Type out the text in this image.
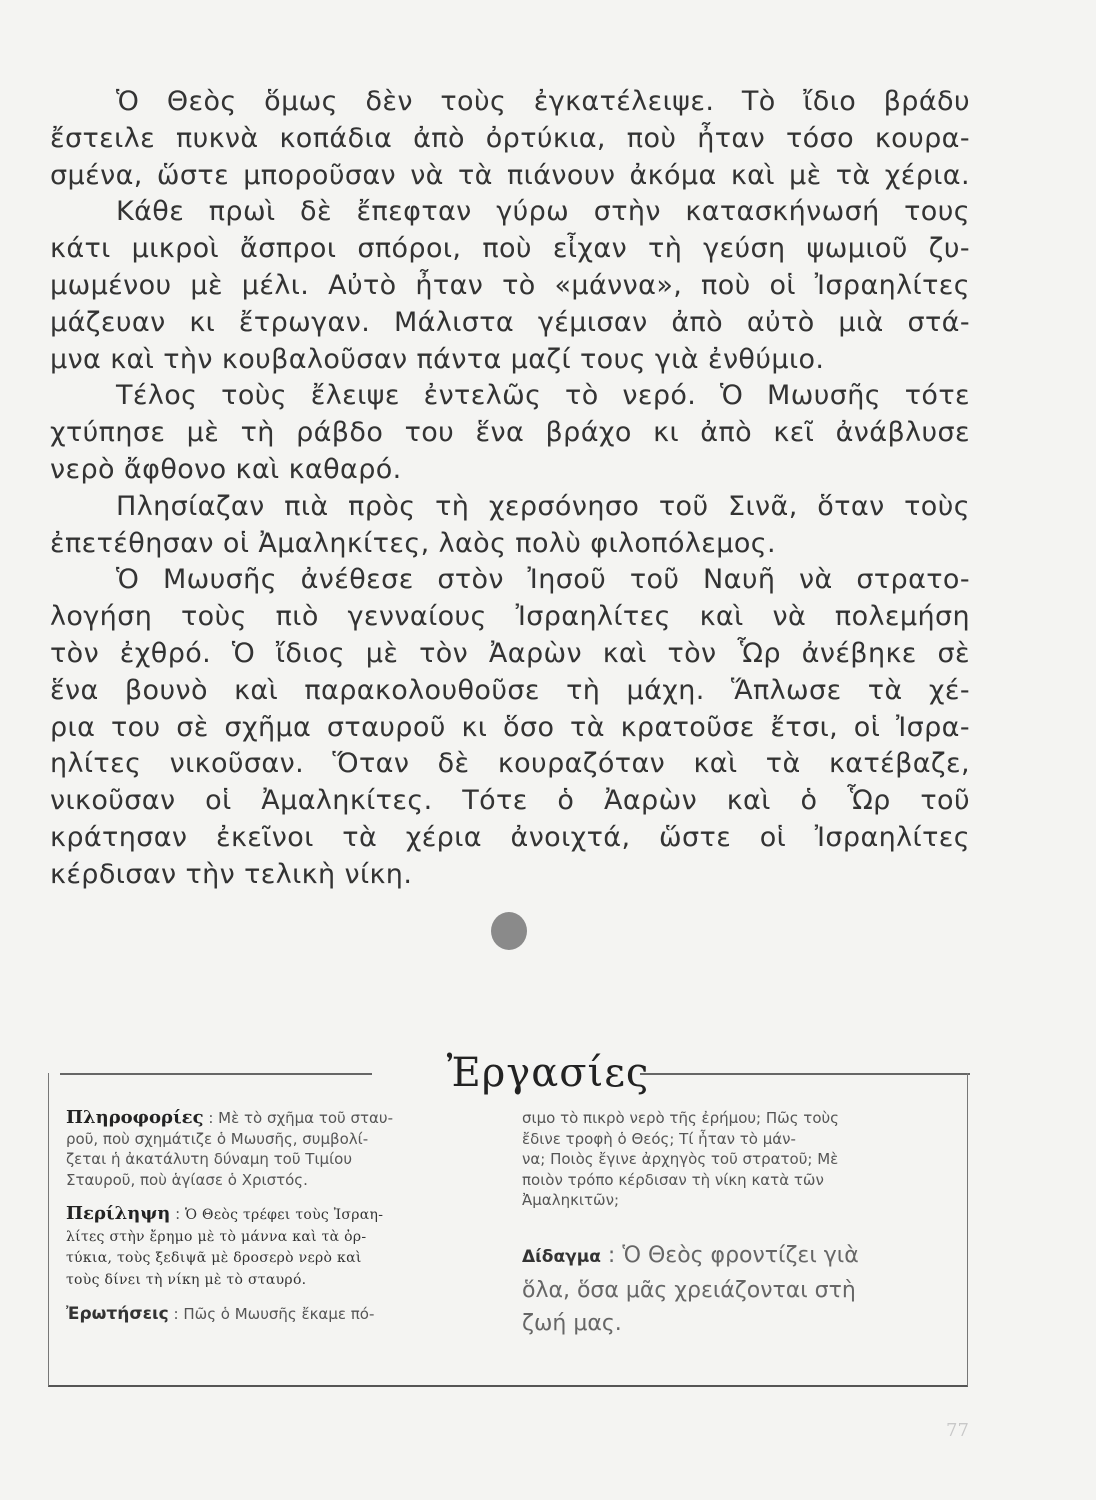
Ὁ Θεὸς ὅμως δὲν τοὺς ἐγκατέλειψε. Τὸ ἴδιο βράδυ
ἔστειλε πυκνὰ κοπάδια ἀπὸ ὀρτύκια, ποὺ ἦταν τόσο κουρα-
σμένα, ὥστε μποροῦσαν νὰ τὰ πιάνουν ἀκόμα καὶ μὲ τὰ χέρια.
Κάθε πρωὶ δὲ ἔπεφταν γύρω στὴν κατασκήνωσή τους
κάτι μικροὶ ἄσπροι σπόροι, ποὺ εἶχαν τὴ γεύση ψωμιοῦ ζυ-
μωμένου μὲ μέλι. Αὐτὸ ἦταν τὸ «μάννα», ποὺ οἱ Ἰσραηλίτες
μάζευαν κι ἔτρωγαν. Μάλιστα γέμισαν ἀπὸ αὐτὸ μιὰ στά-
μνα καὶ τὴν κουβαλοῦσαν πάντα μαζί τους γιὰ ἐνθύμιο.
Τέλος τοὺς ἔλειψε ἐντελῶς τὸ νερό. Ὁ Μωυσῆς τότε
χτύπησε μὲ τὴ ράβδο του ἕνα βράχο κι ἀπὸ κεῖ ἀνάβλυσε
νερὸ ἄφθονο καὶ καθαρό.
Πλησίαζαν πιὰ πρὸς τὴ χερσόνησο τοῦ Σινᾶ, ὅταν τοὺς
ἐπετέθησαν οἱ Ἀμαληκίτες, λαὸς πολὺ φιλοπόλεμος.
Ὁ Μωυσῆς ἀνέθεσε στὸν Ἰησοῦ τοῦ Ναυῆ νὰ στρατο-
λογήση τοὺς πιὸ γενναίους Ἰσραηλίτες καὶ νὰ πολεμήση
τὸν ἐχθρό. Ὁ ἴδιος μὲ τὸν Ἀαρὼν καὶ τὸν Ὧρ ἀνέβηκε σὲ
ἕνα βουνὸ καὶ παρακολουθοῦσε τὴ μάχη. Ἅπλωσε τὰ χέ-
ρια του σὲ σχῆμα σταυροῦ κι ὅσο τὰ κρατοῦσε ἔτσι, οἱ Ἰσρα-
ηλίτες νικοῦσαν. Ὅταν δὲ κουραζόταν καὶ τὰ κατέβαζε,
νικοῦσαν οἱ Ἀμαληκίτες. Τότε ὁ Ἀαρὼν καὶ ὁ Ὧρ τοῦ
κράτησαν ἐκεῖνοι τὰ χέρια ἀνοιχτά, ὥστε οἱ Ἰσραηλίτες
κέρδισαν τὴν τελικὴ νίκη.
Ἐργασίες
Πληροφορίες : Μὲ τὸ σχῆμα τοῦ σταυ-
ροῦ, ποὺ σχημάτιζε ὁ Μωυσῆς, συμβολί-
ζεται ἡ ἀκατάλυτη δύναμη τοῦ Τιμίου
Σταυροῦ, ποὺ ἁγίασε ὁ Χριστός.
Περίληψη : Ὁ Θεὸς τρέφει τοὺς Ἰσραη-
λίτες στὴν ἔρημο μὲ τὸ μάννα καὶ τὰ ὀρ-
τύκια, τοὺς ξεδιψᾶ μὲ δροσερὸ νερὸ καὶ
τοὺς δίνει τὴ νίκη μὲ τὸ σταυρό.
Ἐρωτήσεις : Πῶς ὁ Μωυσῆς ἔκαμε πό-
σιμο τὸ πικρὸ νερὸ τῆς ἐρήμου; Πῶς τοὺς
ἔδινε τροφὴ ὁ Θεός; Τί ἦταν τὸ μάν-
να; Ποιὸς ἔγινε ἀρχηγὸς τοῦ στρατοῦ; Μὲ
ποιὸν τρόπο κέρδισαν τὴ νίκη κατὰ τῶν
Ἀμαληκιτῶν;
Δίδαγμα : Ὁ Θεὸς φροντίζει γιὰ
ὅλα, ὅσα μᾶς χρειάζονται στὴ
ζωή μας.
77
